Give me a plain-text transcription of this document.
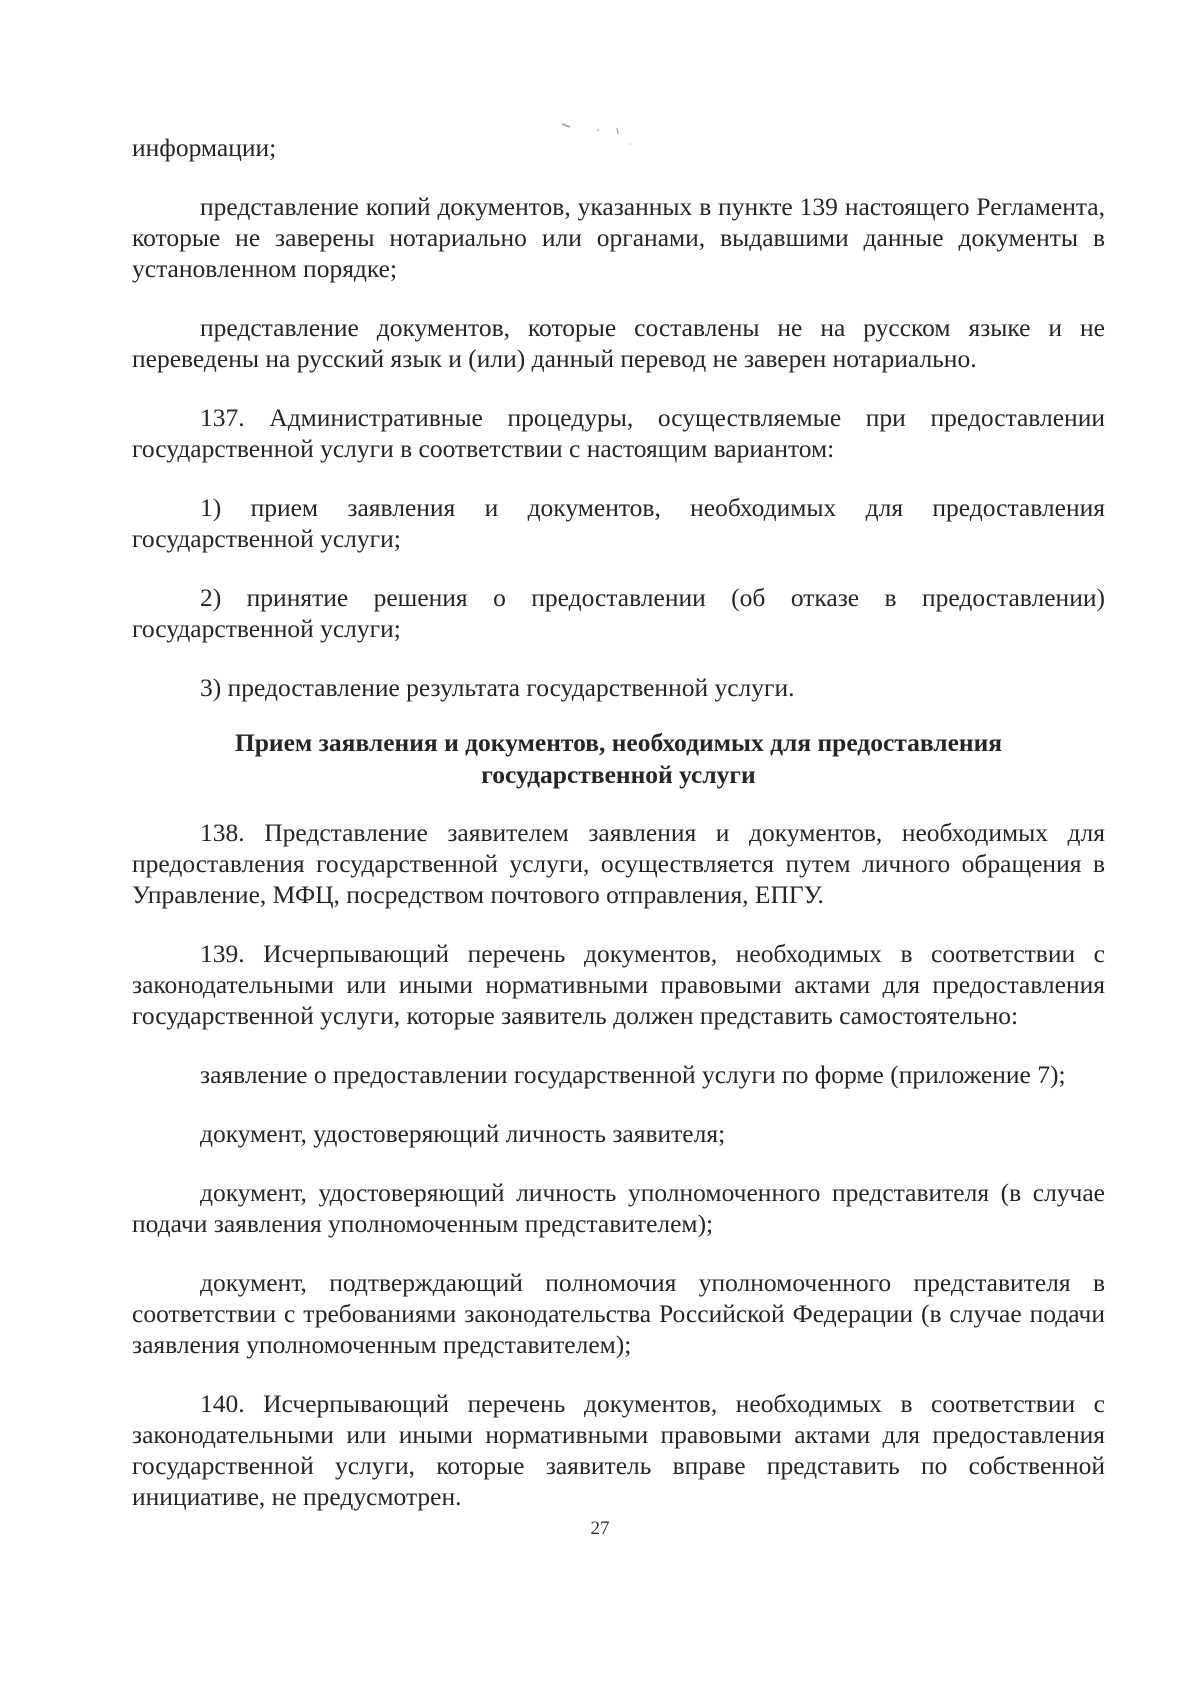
информации;

представление копий документов, указанных в пункте 139 настоящего Регламента, которые не заверены нотариально или органами, выдавшими данные документы в установленном порядке;

представление документов, которые составлены не на русском языке и не переведены на русский язык и (или) данный перевод не заверен нотариально.

137. Административные процедуры, осуществляемые при предоставлении государственной услуги в соответствии с настоящим вариантом:

1) прием заявления и документов, необходимых для предоставления государственной услуги;

2) принятие решения о предоставлении (об отказе в предоставлении) государственной услуги;

3) предоставление результата государственной услуги.

Прием заявления и документов, необходимых для предоставления государственной услуги

138. Представление заявителем заявления и документов, необходимых для предоставления государственной услуги, осуществляется путем личного обращения в Управление, МФЦ, посредством почтового отправления, ЕПГУ.

139. Исчерпывающий перечень документов, необходимых в соответствии с законодательными или иными нормативными правовыми актами для предоставления государственной услуги, которые заявитель должен представить самостоятельно:

заявление о предоставлении государственной услуги по форме (приложение 7);

документ, удостоверяющий личность заявителя;

документ, удостоверяющий личность уполномоченного представителя (в случае подачи заявления уполномоченным представителем);

документ, подтверждающий полномочия уполномоченного представителя в соответствии с требованиями законодательства Российской Федерации (в случае подачи заявления уполномоченным представителем);

140. Исчерпывающий перечень документов, необходимых в соответствии с законодательными или иными нормативными правовыми актами для предоставления государственной услуги, которые заявитель вправе представить по собственной инициативе, не предусмотрен.

27
